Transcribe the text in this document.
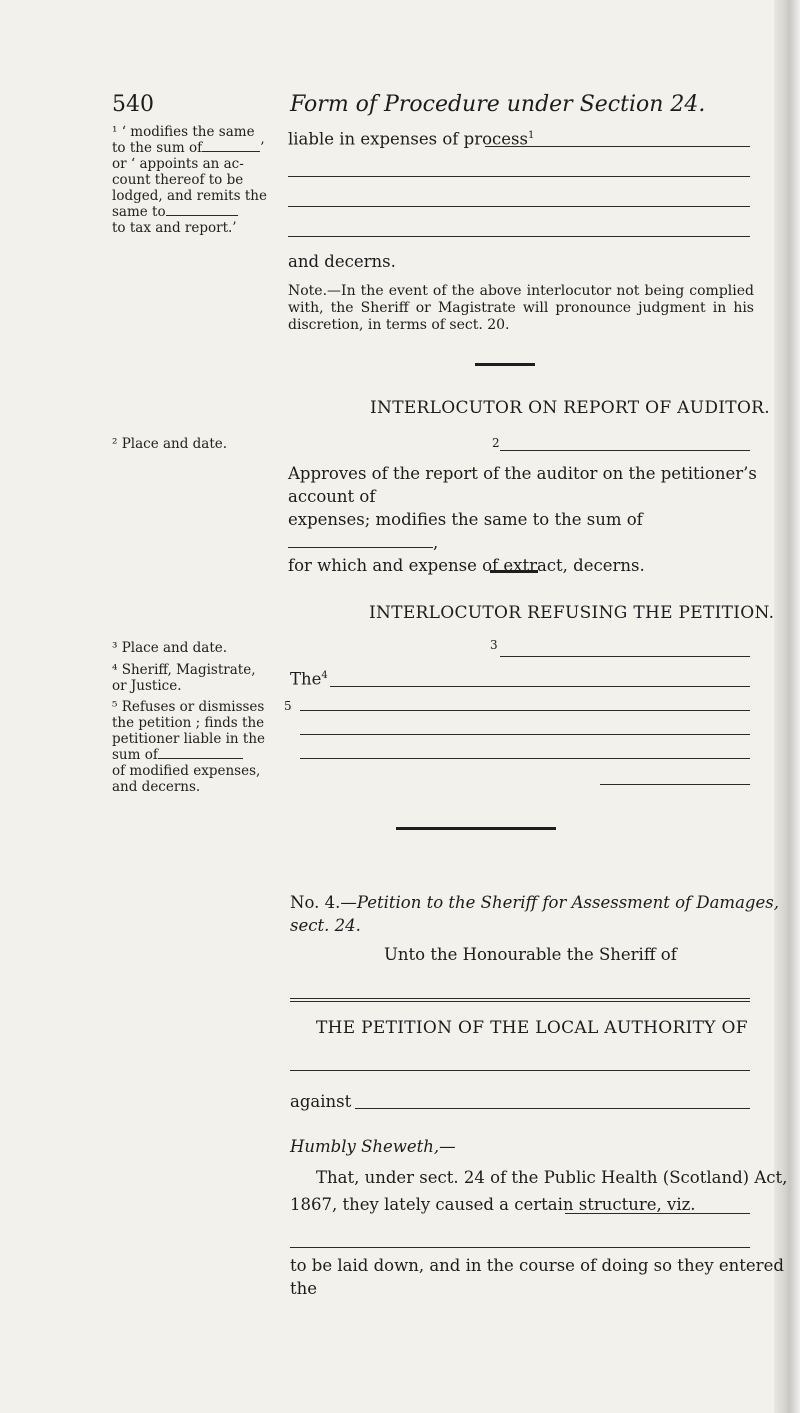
540	Form of Procedure under Section 24.
¹ ‘ modifies the same
to the sum of	’
or ‘ appoints an ac-
count thereof to be
lodged, and remits the
same to
to tax and report.’
liable in expenses of process$^1$
and decerns.
Note.—In the event of the above interlocutor not being complied with, the Sheriff or Magistrate will pronounce judgment in his discretion, in terms of sect. 20.
INTERLOCUTOR ON REPORT OF AUDITOR.
² Place and date.	2
Approves of the report of the auditor on the petitioner’s account of
expenses; modifies the same to the sum of,
for which and expense of extract, decerns.
INTERLOCUTOR REFUSING THE PETITION.
³ Place and date.	3
⁴ Sheriff, Magistrate,
or Justice.	The$^4$
⁵ Refuses or dismisses
the petition ; finds the
petitioner liable in the
sum of
of modified expenses,
and decerns.
5
No. 4.—Petition to the Sheriff for Assessment of Damages, sect. 24.
Unto the Honourable the Sheriff of
THE PETITION OF THE LOCAL AUTHORITY OF
against
Humbly Sheweth,—
That, under sect. 24 of the Public Health (Scotland) Act,
1867, they lately caused a certain structure, viz.
to be laid down, and in the course of doing so they entered the
